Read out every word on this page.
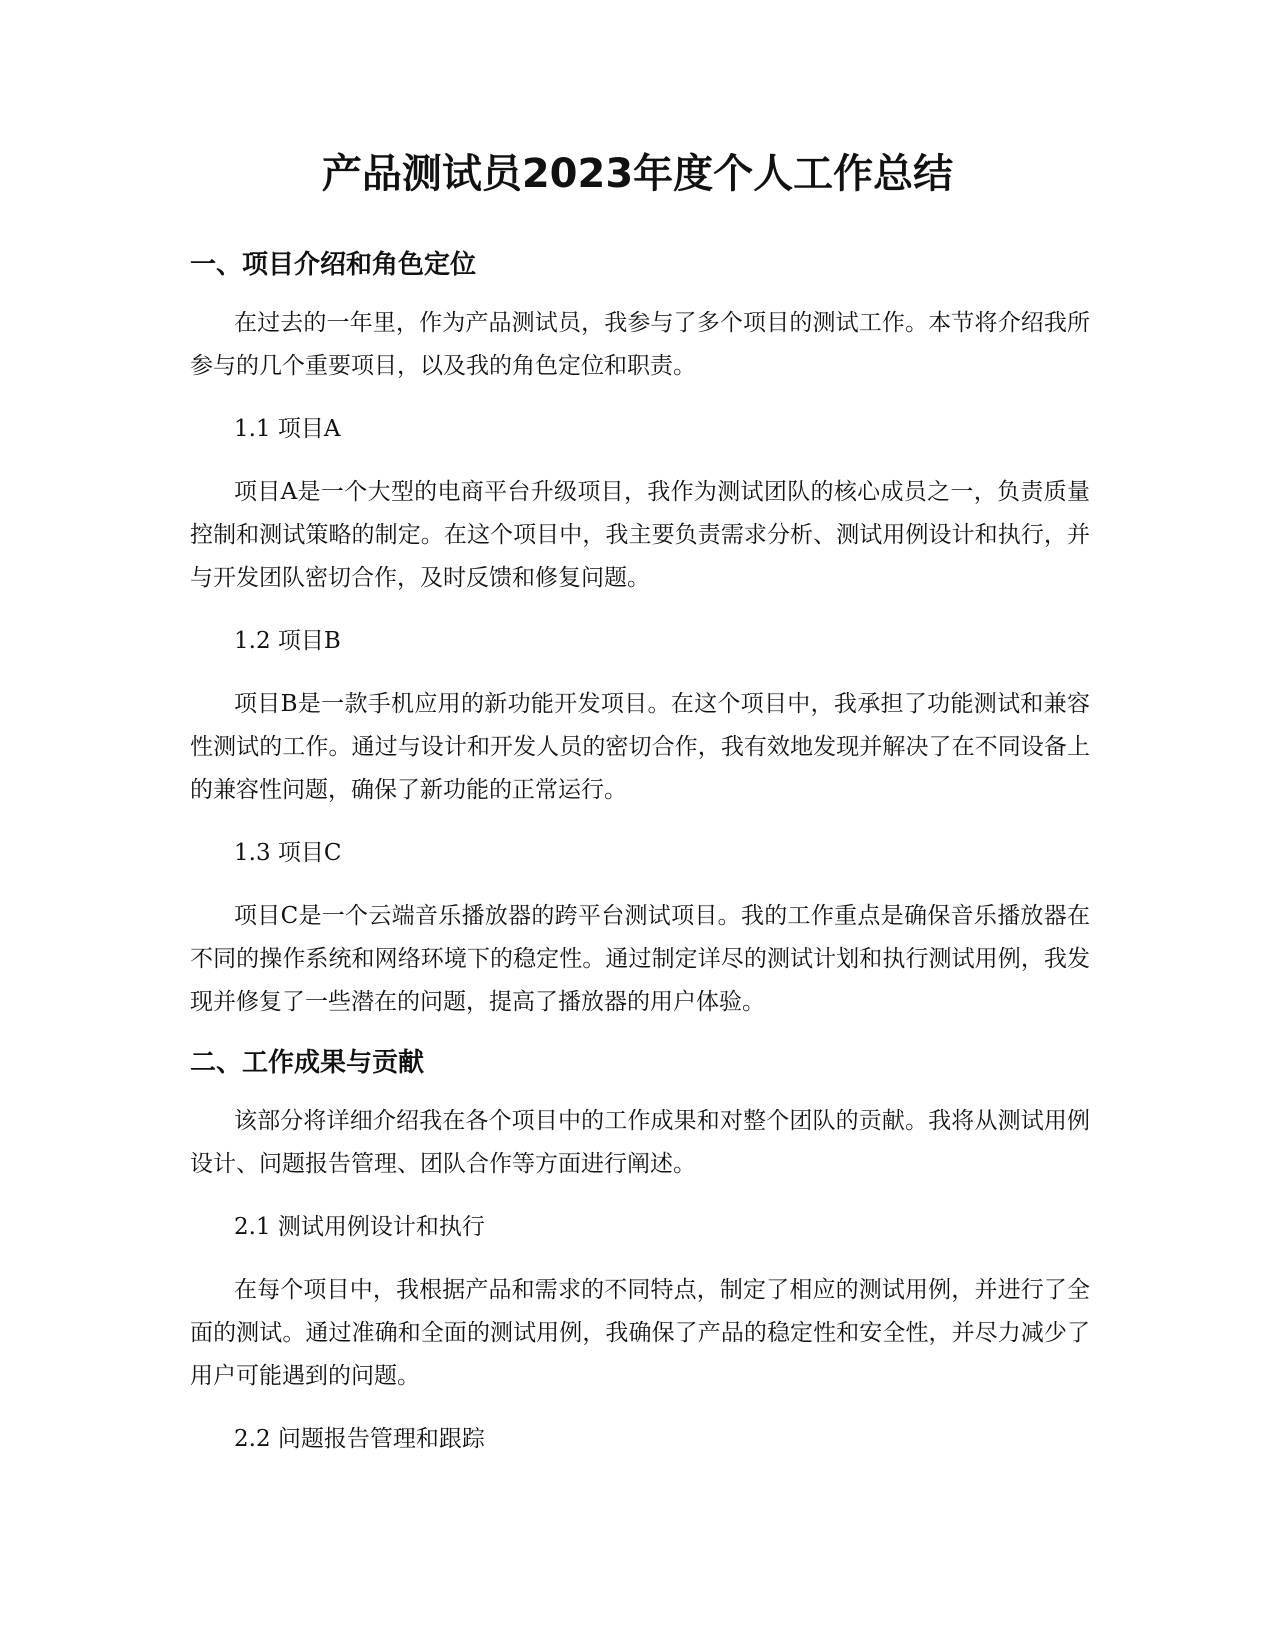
产品测试员2023年度个人工作总结
一、项目介绍和角色定位

在过去的一年里，作为产品测试员，我参与了多个项目的测试工作。本节将介绍我所参与的几个重要项目，以及我的角色定位和职责。

1.1 项目A

项目A是一个大型的电商平台升级项目，我作为测试团队的核心成员之一，负责质量控制和测试策略的制定。在这个项目中，我主要负责需求分析、测试用例设计和执行，并与开发团队密切合作，及时反馈和修复问题。

1.2 项目B

项目B是一款手机应用的新功能开发项目。在这个项目中，我承担了功能测试和兼容性测试的工作。通过与设计和开发人员的密切合作，我有效地发现并解决了在不同设备上的兼容性问题，确保了新功能的正常运行。

1.3 项目C

项目C是一个云端音乐播放器的跨平台测试项目。我的工作重点是确保音乐播放器在不同的操作系统和网络环境下的稳定性。通过制定详尽的测试计划和执行测试用例，我发现并修复了一些潜在的问题，提高了播放器的用户体验。

二、工作成果与贡献

该部分将详细介绍我在各个项目中的工作成果和对整个团队的贡献。我将从测试用例设计、问题报告管理、团队合作等方面进行阐述。

2.1 测试用例设计和执行

在每个项目中，我根据产品和需求的不同特点，制定了相应的测试用例，并进行了全面的测试。通过准确和全面的测试用例，我确保了产品的稳定性和安全性，并尽力减少了用户可能遇到的问题。

2.2 问题报告管理和跟踪
